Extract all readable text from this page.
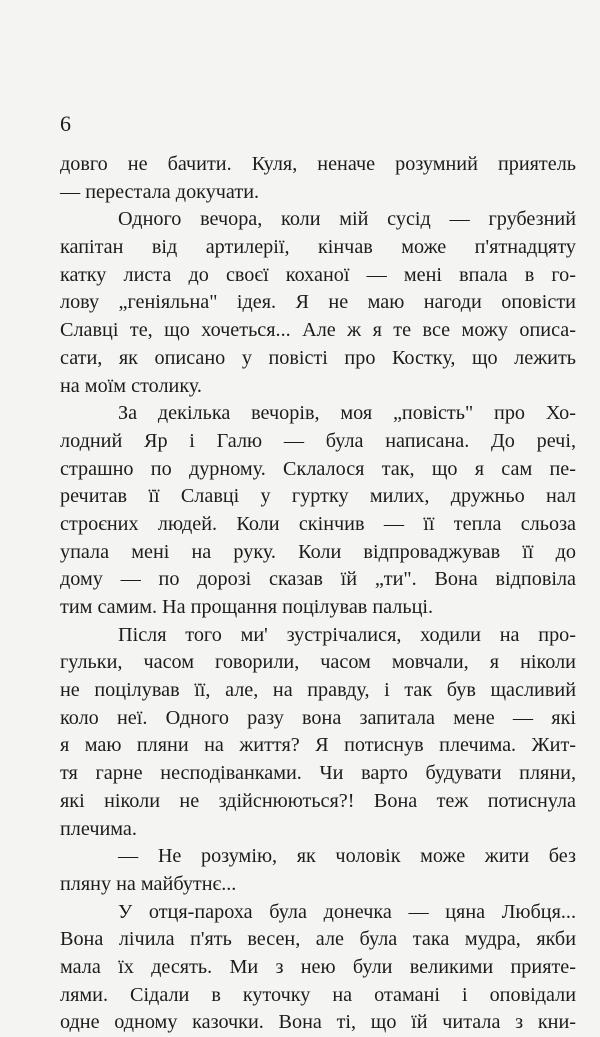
6
довго не бачити. Куля, неначе розумний приятель
— перестала докучати.
Одного вечора, коли мій сусід — грубезний
капітан від артилерії, кінчав може п'ятнадцяту
катку листа до своєї коханої — мені впала в го-
лову „геніяльна" ідея. Я не маю нагоди оповісти
Славці те, що хочеться... Але ж я те все можу описа-
сати, як описано у повісті про Костку, що лежить
на моїм столику.
За декілька вечорів, моя „повість" про Хо-
лодний Яр і Галю — була написана. До речі,
страшно по дурному. Склалося так, що я сам пе-
речитав її Славці у гуртку милих, дружньо нал
строєних людей. Коли скінчив — її тепла сльоза
упала мені на руку. Коли відпроваджував її до
дому — по дорозі сказав їй „ти". Вона відповіла
тим самим. На прощання поцілував пальці.
Після того ми' зустрічалися, ходили на про-
гульки, часом говорили, часом мовчали, я ніколи
не поцілував її, але, на правду, і так був щасливий
коло неї. Одного разу вона запитала мене — які
я маю пляни на життя? Я потиснув плечима. Жит-
тя гарне несподіванками. Чи варто будувати пляни,
які ніколи не здійснюються?! Вона теж потиснула
плечима.
— Не розумію, як чоловік може жити без
пляну на майбутнє...
У отця-пароха була донечка — цяна Любця...
Вона лічила п'ять весен, але була така мудра, якби
мала їх десять. Ми з нею були великими прияте-
лями. Сідали в куточку на отамані і оповідали
одне одному казочки. Вона ті, що їй читала з кни-
